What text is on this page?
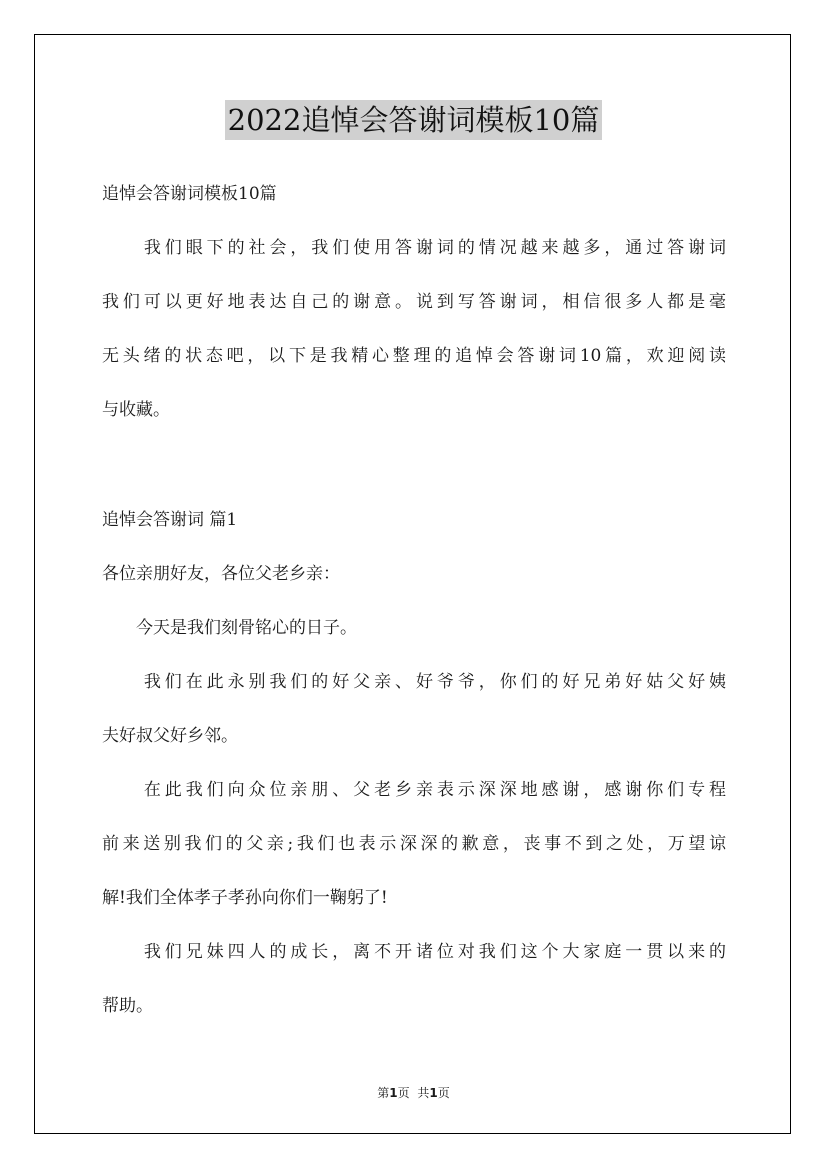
2022追悼会答谢词模板10篇
追悼会答谢词模板10篇
　　我们眼下的社会，我们使用答谢词的情况越来越多，通过答谢词
我们可以更好地表达自己的谢意。说到写答谢词，相信很多人都是毫
无头绪的状态吧，以下是我精心整理的追悼会答谢词10篇，欢迎阅读
与收藏。
追悼会答谢词 篇1
各位亲朋好友，各位父老乡亲：
　　今天是我们刻骨铭心的日子。
　　我们在此永别我们的好父亲、好爷爷，你们的好兄弟好姑父好姨
夫好叔父好乡邻。
　　在此我们向众位亲朋、父老乡亲表示深深地感谢，感谢你们专程
前来送别我们的父亲;我们也表示深深的歉意，丧事不到之处，万望谅
解!我们全体孝子孝孙向你们一鞠躬了!
　　我们兄妹四人的成长，离不开诸位对我们这个大家庭一贯以来的
帮助。
第1页 共1页
